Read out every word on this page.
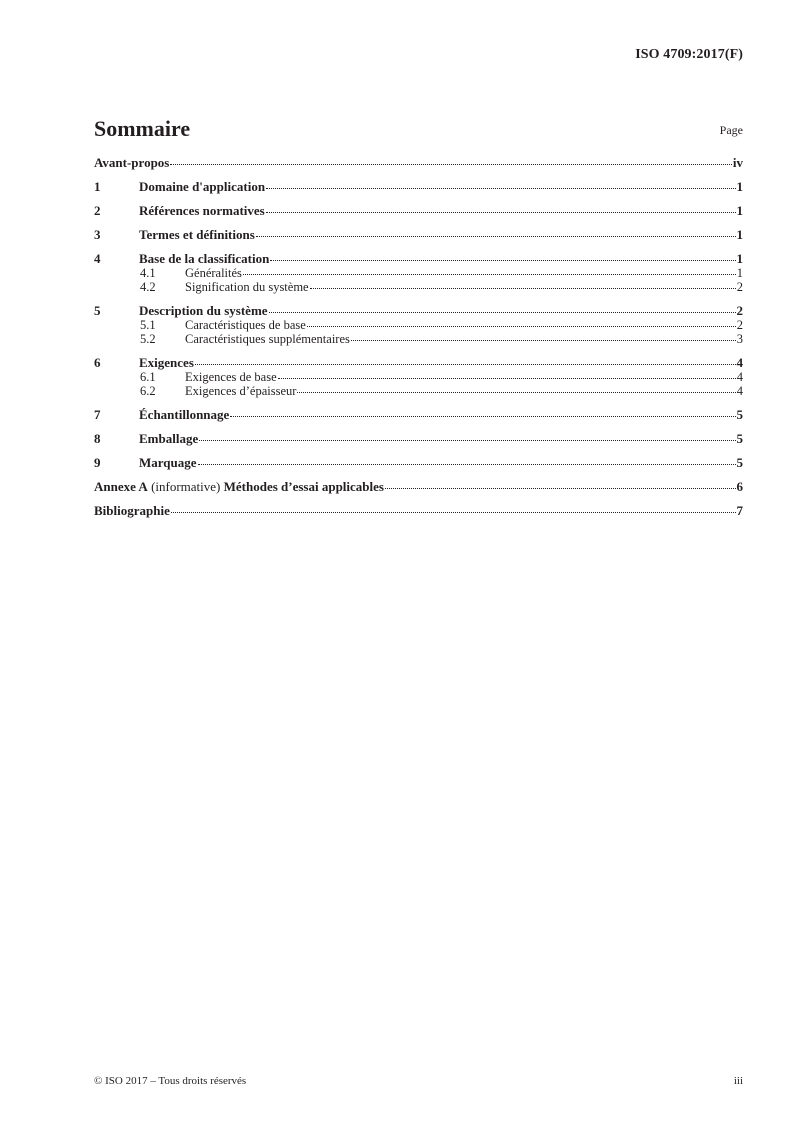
ISO 4709:2017(F)
Sommaire	Page
Avant-propos	iv
1	Domaine d'application	1
2	Références normatives	1
3	Termes et définitions	1
4	Base de la classification	1
4.1	Généralités	1
4.2	Signification du système	2
5	Description du système	2
5.1	Caractéristiques de base	2
5.2	Caractéristiques supplémentaires	3
6	Exigences	4
6.1	Exigences de base	4
6.2	Exigences d’épaisseur	4
7	Échantillonnage	5
8	Emballage	5
9	Marquage	5
Annexe A (informative) Méthodes d’essai applicables	6
Bibliographie	7
© ISO 2017 – Tous droits réservés	iii
